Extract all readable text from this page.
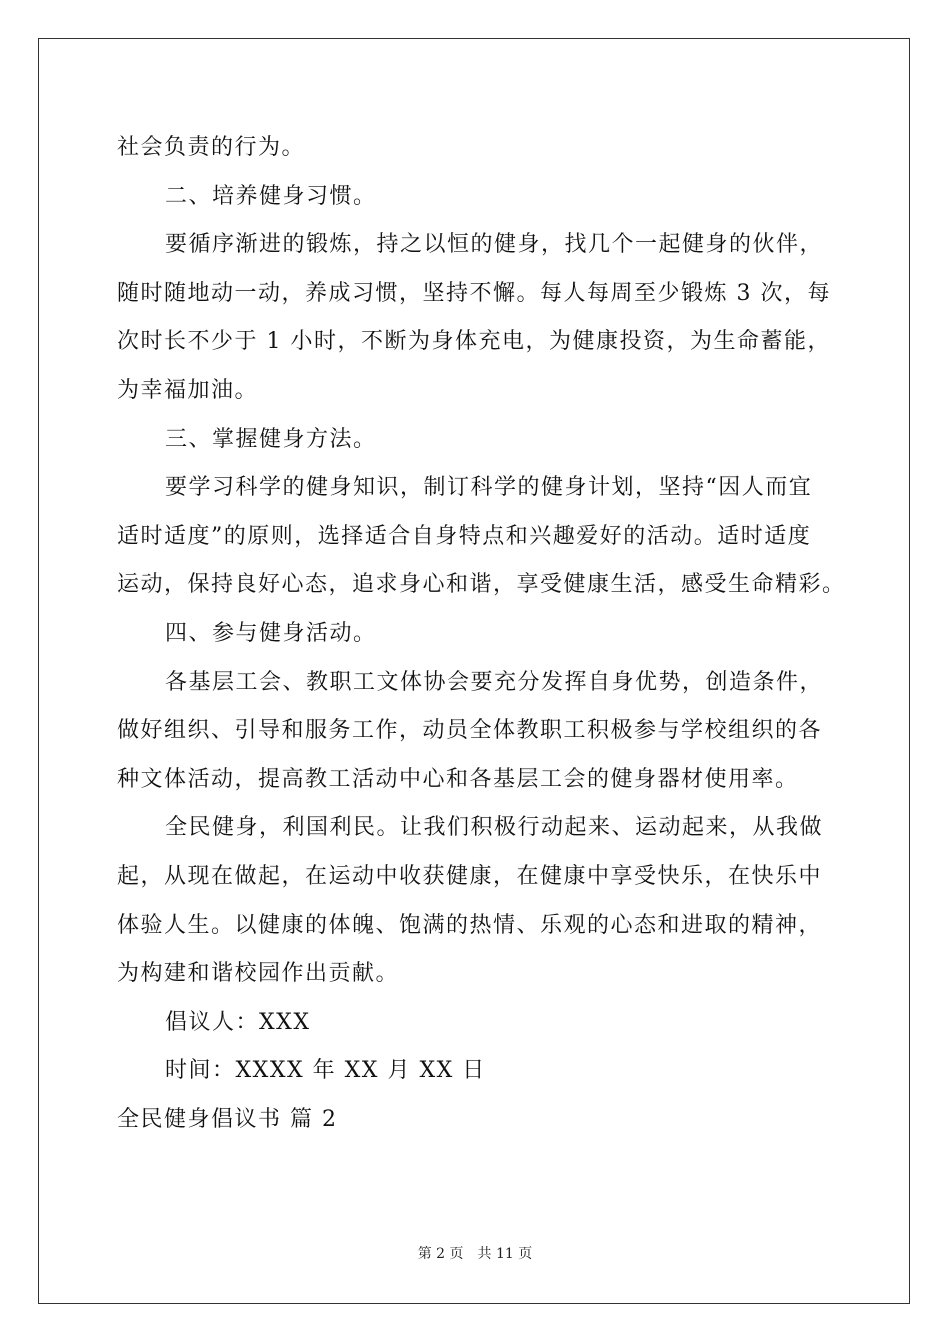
社会负责的行为。
二、培养健身习惯。
要循序渐进的锻炼，持之以恒的健身，找几个一起健身的伙伴，
随时随地动一动，养成习惯，坚持不懈。每人每周至少锻炼 3 次，每
次时长不少于 1 小时，不断为身体充电，为健康投资，为生命蓄能，
为幸福加油。
三、掌握健身方法。
要学习科学的健身知识，制订科学的健身计划，坚持“因人而宜
适时适度”的原则，选择适合自身特点和兴趣爱好的活动。适时适度
运动，保持良好心态，追求身心和谐，享受健康生活，感受生命精彩。
四、参与健身活动。
各基层工会、教职工文体协会要充分发挥自身优势，创造条件，
做好组织、引导和服务工作，动员全体教职工积极参与学校组织的各
种文体活动，提高教工活动中心和各基层工会的健身器材使用率。
全民健身，利国利民。让我们积极行动起来、运动起来，从我做
起，从现在做起，在运动中收获健康，在健康中享受快乐，在快乐中
体验人生。以健康的体魄、饱满的热情、乐观的心态和进取的精神，
为构建和谐校园作出贡献。
倡议人：XXX
时间：XXXX 年 XX 月 XX 日
全民健身倡议书 篇 2
第 2 页 共 11 页
